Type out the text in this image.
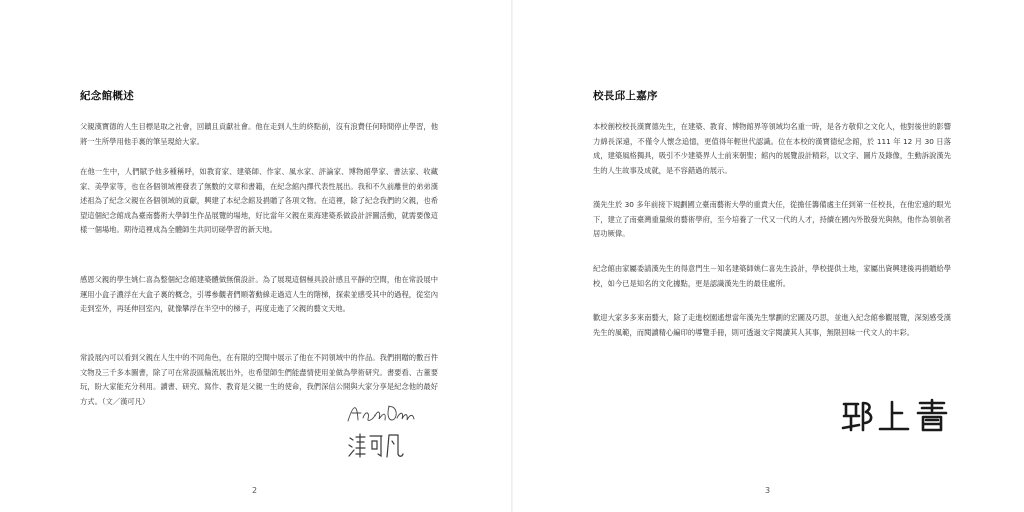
紀念館概述

父親漢寶德的人生目標是取之社會，回饋且貢獻社會。他在走到人生的終點前，沒有浪費任何時間停止學習，他將一生所學用他手裏的筆呈現給大家。

在他一生中，人們賦予他多種稱呼，如教育家、建築師、作家、風水家、評論家、博物館學家、書法家、收藏家、美學家等，也在各個領域裡發表了無數的文章和書籍，在紀念館內擇代表性展出。我和不久前離世的弟弟漢述祖為了紀念父親在各個領域的貢獻，興建了本紀念館及捐贈了各項文物。在這裡，除了紀念我們的父親，也希望這個紀念館成為臺南藝術大學師生作品展覽的場地，好比當年父親在東海建築系做設計評圖活動，就需要像這樣一個場地。期待這裡成為全體師生共同切磋學習的新天地。

感恩父親的學生姚仁喜為整個紀念館建築體做無償設計。為了展現這個極具設計感且平靜的空間，他在常設展中運用小盒子濃浮在大盒子裏的概念，引導參觀者們順著動線走過這人生的階梯，探索並感受其中的過程，從室內走到室外，再延伸回室內，就像攀浮在半空中的梯子，再度走進了父親的藝文天地。

常設展內可以看到父親在人生中的不同角色，在有限的空間中展示了他在不同領域中的作品。我們捐贈的數百件文物及三千多本圖書，除了可在常設區輪流展出外，也希望師生們能盡情使用並做為學術研究。書要看、古董要玩，盼大家能充分利用。讀書、研究、寫作、教育是父親一生的使命，我們深信公開與大家分享是紀念他的最好方式。（文／漢可凡）

2
校長邱上嘉序

本校創校校長漢寶德先生，在建築、教育、博物館界等領域均名重一時，是各方敬仰之文化人，他對後世的影響力綿長深遠，不僅令人懷念追憶，更值得年輕世代認識。位在本校的漢寶德紀念館，於 111 年 12 月 30 日落成，建築風格獨具，吸引不少建築界人士前來朝聖；館內的展覽設計精彩，以文字、圖片及錄像，生動訴說漢先生的人生故事及成就，是不容錯過的展示。

漢先生於 30 多年前接下規劃國立臺南藝術大學的重責大任，從擔任籌備處主任到第一任校長，在他宏遠的眼光下，建立了南臺灣重量級的藝術學府，至今培養了一代又一代的人才，持續在國內外散發光與熱，他作為領航者居功厥偉。

紀念館由家屬委請漢先生的得意門生－知名建築師姚仁喜先生設計，學校提供土地，家屬出資興建後再捐贈給學校，如今已是知名的文化據點，更是認識漢先生的最佳處所。

歡迎大家多多來南藝大，除了走進校園遙想當年漢先生擘劃的宏圖及巧思，並進入紀念館參觀展覽，深刻感受漢先生的風範，而閱讀精心編印的導覽手冊，則可透過文字閱讀其人其事，無限回味一代文人的丰彩。

3
